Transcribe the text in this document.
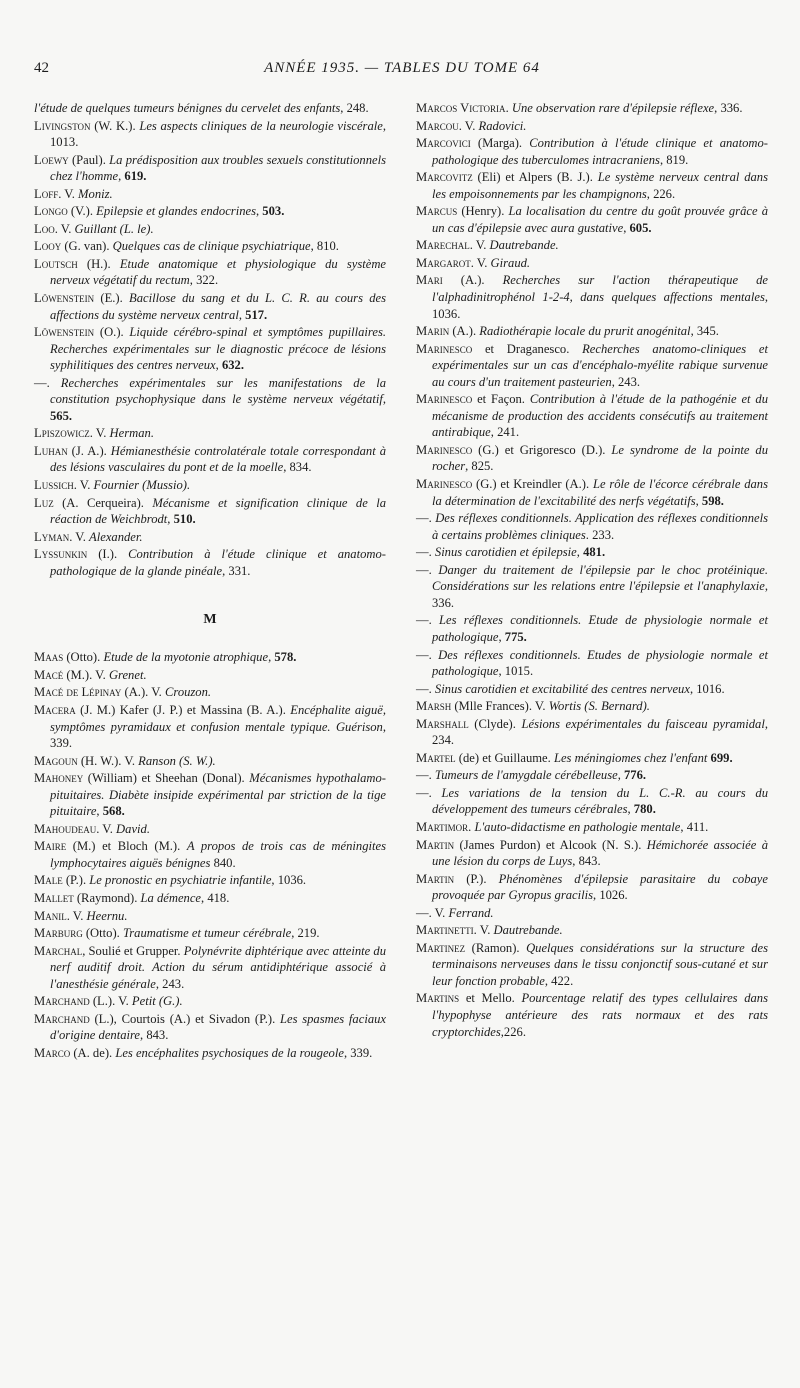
42	ANNÉE 1935. — TABLES DU TOME 64

l'étude de quelques tumeurs bénignes du cervelet des enfants, 248.

Livingston (W. K.). Les aspects cliniques de la neurologie viscérale, 1013.

Loewy (Paul). La prédisposition aux troubles sexuels constitutionnels chez l'homme, 619.

Loff. V. Moniz.

Longo (V.). Epilepsie et glandes endocrines, 503.

Loo. V. Guillant (L. le).

Looy (G. van). Quelques cas de clinique psychiatrique, 810.

Loutsch (H.). Etude anatomique et physiologique du système nerveux végétatif du rectum, 322.

Löwenstein (E.). Bacillose du sang et du L. C. R. au cours des affections du système nerveux central, 517.

Löwenstein (O.). Liquide cérébro-spinal et symptômes pupillaires. Recherches expérimentales sur le diagnostic précoce de lésions syphilitiques des centres nerveux, 632.

—. Recherches expérimentales sur les manifestations de la constitution psychophysique dans le système nerveux végétatif, 565.

Lpiszowicz. V. Herman.

Luhan (J. A.). Hémianesthésie controlatérale totale correspondant à des lésions vasculaires du pont et de la moelle, 834.

Lussich. V. Fournier (Mussio).

Luz (A. Cerqueira). Mécanisme et signification clinique de la réaction de Weichbrodt, 510.

Lyman. V. Alexander.

Lyssunkin (I.). Contribution à l'étude clinique et anatomo-pathologique de la glande pinéale, 331.

M

Maas (Otto). Etude de la myotonie atrophique, 578.

Macé (M.). V. Grenet.

Macé de Lépinay (A.). V. Crouzon.

Macera (J. M.) Kafer (J. P.) et Massina (B. A.). Encéphalite aiguë, symptômes pyramidaux et confusion mentale typique. Guérison, 339.

Magoun (H. W.). V. Ranson (S. W.).

Mahoney (William) et Sheehan (Donal). Mécanismes hypothalamo-pituitaires. Diabète insipide expérimental par striction de la tige pituitaire, 568.

Mahoudeau. V. David.

Maire (M.) et Bloch (M.). A propos de trois cas de méningites lymphocytaires aiguës bénignes 840.

Male (P.). Le pronostic en psychiatrie infantile, 1036.

Mallet (Raymond). La démence, 418.

Manil. V. Heernu.

Marburg (Otto). Traumatisme et tumeur cérébrale, 219.

Marchal, Soulié et Grupper. Polynévrite diphtérique avec atteinte du nerf auditif droit. Action du sérum antidiphtérique associé à l'anesthésie générale, 243.

Marchand (L.). V. Petit (G.).

Marchand (L.), Courtois (A.) et Sivadon (P.). Les spasmes faciaux d'origine dentaire, 843.

Marco (A. de). Les encéphalites psychosiques de la rougeole, 339.

Marcos Victoria. Une observation rare d'épilepsie réflexe, 336.

Marcou. V. Radovici.

Marcovici (Marga). Contribution à l'étude clinique et anatomo-pathologique des tuberculomes intracraniens, 819.

Marcovitz (Eli) et Alpers (B. J.). Le système nerveux central dans les empoisonnements par les champignons, 226.

Marcus (Henry). La localisation du centre du goût prouvée grâce à un cas d'épilepsie avec aura gustative, 605.

Marechal. V. Dautrebande.

Margarot. V. Giraud.

Mari (A.). Recherches sur l'action thérapeutique de l'alphadinitrophénol 1-2-4, dans quelques affections mentales, 1036.

Marin (A.). Radiothérapie locale du prurit anogénital, 345.

Marinesco et Draganesco. Recherches anatomo-cliniques et expérimentales sur un cas d'encéphalo-myélite rabique survenue au cours d'un traitement pasteurien, 243.

Marinesco et Façon. Contribution à l'étude de la pathogénie et du mécanisme de production des accidents consécutifs au traitement antirabique, 241.

Marinesco (G.) et Grigoresco (D.). Le syndrome de la pointe du rocher, 825.

Marinesco (G.) et Kreindler (A.). Le rôle de l'écorce cérébrale dans la détermination de l'excitabilité des nerfs végétatifs, 598.

—. Des réflexes conditionnels. Application des réflexes conditionnels à certains problèmes cliniques. 233.

—. Sinus carotidien et épilepsie, 481.

—. Danger du traitement de l'épilepsie par le choc protéinique. Considérations sur les relations entre l'épilepsie et l'anaphylaxie, 336.

—. Les réflexes conditionnels. Etude de physiologie normale et pathologique, 775.

—. Des réflexes conditionnels. Etudes de physiologie normale et pathologique, 1015.

—. Sinus carotidien et excitabilité des centres nerveux, 1016.

Marsh (Mlle Frances). V. Wortis (S. Bernard).

Marshall (Clyde). Lésions expérimentales du faisceau pyramidal, 234.

Martel (de) et Guillaume. Les méningiomes chez l'enfant 699.

—. Tumeurs de l'amygdale cérébelleuse, 776.

—. Les variations de la tension du L. C.-R. au cours du développement des tumeurs cérébrales, 780.

Martimor. L'auto-didactisme en pathologie mentale, 411.

Martin (James Purdon) et Alcook (N. S.). Hémichorée associée à une lésion du corps de Luys, 843.

Martin (P.). Phénomènes d'épilepsie parasitaire du cobaye provoquée par Gyropus gracilis, 1026.

—. V. Ferrand.

Martinetti. V. Dautrebande.

Martinez (Ramon). Quelques considérations sur la structure des terminaisons nerveuses dans le tissu conjonctif sous-cutané et sur leur fonction probable, 422.

Martins et Mello. Pourcentage relatif des types cellulaires dans l'hypophyse antérieure des rats normaux et des rats cryptorchides,226.
